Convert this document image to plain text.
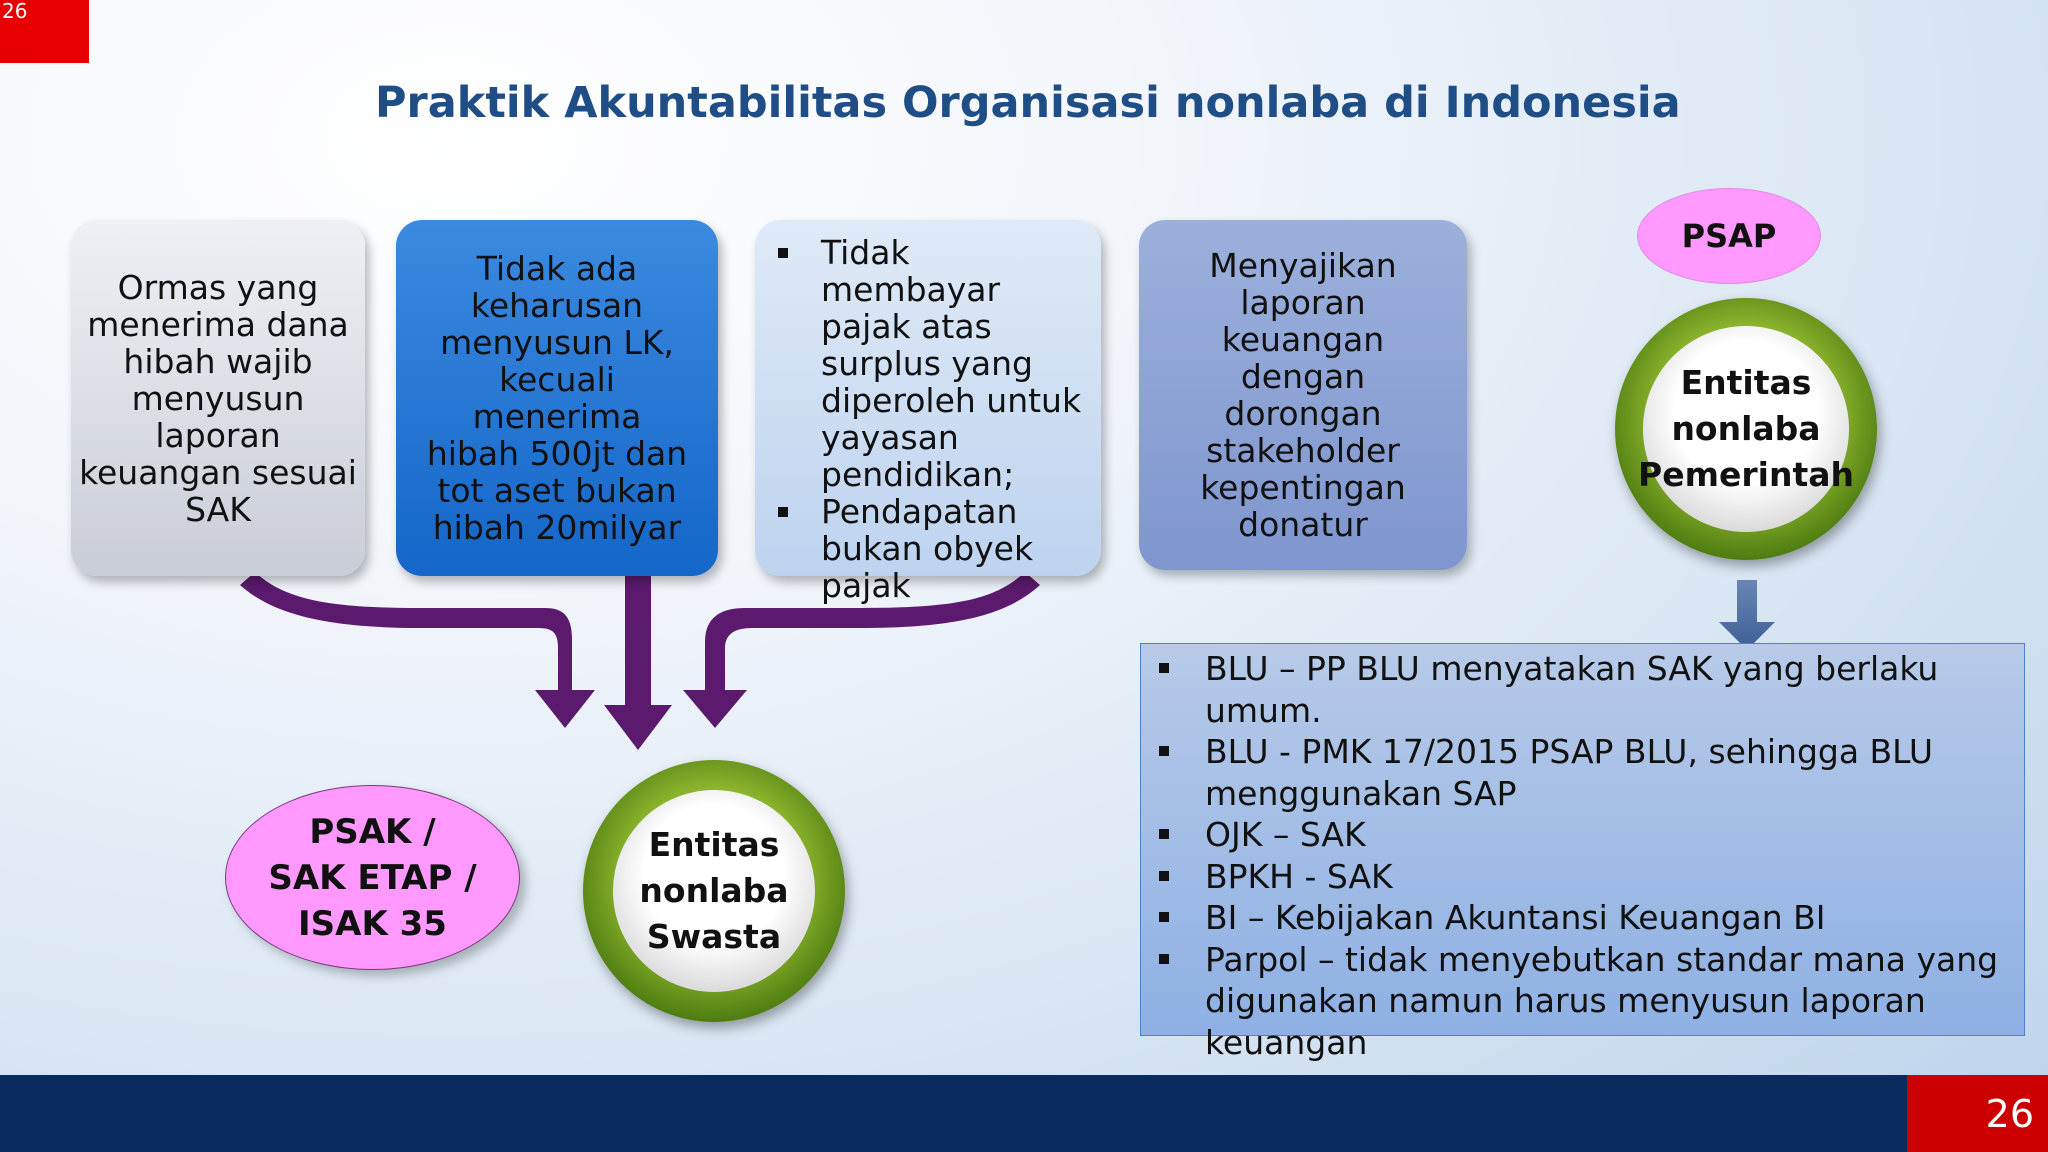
26
Praktik Akuntabilitas Organisasi nonlaba di Indonesia
Ormas yang
menerima dana
hibah wajib
menyusun
laporan
keuangan sesuai
SAK
Tidak ada
keharusan
menyusun LK,
kecuali
menerima
hibah 500jt dan
tot aset bukan
hibah 20milyar
Tidak membayar
pajak atas
surplus yang
diperoleh untuk
yayasan
pendidikan;
Pendapatan
bukan obyek
pajak
Menyajikan
laporan
keuangan
dengan
dorongan
stakeholder
kepentingan
donatur
PSAP
Entitas
nonlaba
Pemerintah
BLU – PP BLU menyatakan SAK yang berlaku umum.
BLU - PMK 17/2015 PSAP BLU, sehingga BLU
menggunakan SAP
OJK – SAK
BPKH - SAK
BI – Kebijakan Akuntansi Keuangan BI
Parpol – tidak menyebutkan standar mana yang
digunakan namun harus menyusun laporan
keuangan
PSAK /
SAK ETAP /
ISAK 35
Entitas
nonlaba
Swasta
26
